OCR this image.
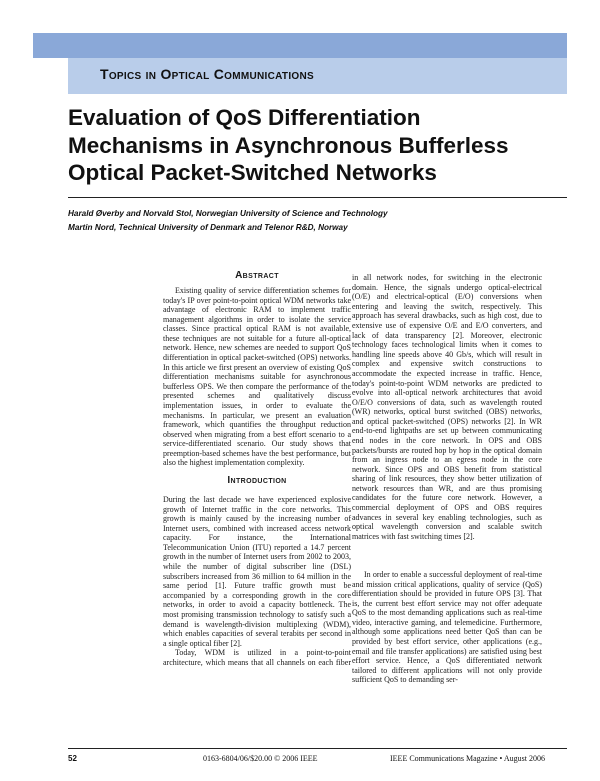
Topics in Optical Communications
Evaluation of QoS Differentiation
Mechanisms in Asynchronous Bufferless
Optical Packet-Switched Networks
Harald Øverby and Norvald Stol, Norwegian University of Science and Technology
Martin Nord, Technical University of Denmark and Telenor R&D, Norway
Abstract

Existing quality of service differentiation schemes for today's IP over point-to-point optical WDM networks take advantage of electronic RAM to implement traffic management algorithms in order to isolate the service classes. Since practical optical RAM is not available, these techniques are not suitable for a future all-optical network. Hence, new schemes are needed to support QoS differentiation in optical packet-switched (OPS) networks. In this article we first present an overview of existing QoS differentiation mechanisms suitable for asynchronous bufferless OPS. We then compare the performance of the presented schemes and qualitatively discuss implementation issues, in order to evaluate the mechanisms. In particular, we present an evaluation framework, which quantifies the throughput reduction observed when migrating from a best effort scenario to a service-differentiated scenario. Our study shows that preemption-based schemes have the best performance, but also the highest implementation complexity.

Introduction

During the last decade we have experienced explosive growth of Internet traffic in the core networks. This growth is mainly caused by the increasing number of Internet users, combined with increased access network capacity. For instance, the International Telecommunication Union (ITU) reported a 14.7 percent growth in the number of Internet users from 2002 to 2003, while the number of digital subscriber line (DSL) subscribers increased from 36 million to 64 million in the same period [1]. Future traffic growth must be accompanied by a corresponding growth in the core networks, in order to avoid a capacity bottleneck. The most promising transmission technology to satisfy such a demand is wavelength-division multiplexing (WDM), which enables capacities of several terabits per second in a single optical fiber [2].

Today, WDM is utilized in a point-to-point architecture, which means that all channels on each fiber

in all network nodes, for switching in the electronic domain. Hence, the signals undergo optical-electrical (O/E) and electrical-optical (E/O) conversions when entering and leaving the switch, respectively. This approach has several drawbacks, such as high cost, due to extensive use of expensive O/E and E/O converters, and lack of data transparency [2]. Moreover, electronic technology faces technological limits when it comes to handling line speeds above 40 Gb/s, which will result in complex and expensive switch constructions to accommodate the expected increase in traffic. Hence, today's point-to-point WDM networks are predicted to evolve into all-optical network architectures that avoid O/E/O conversions of data, such as wavelength routed (WR) networks, optical burst switched (OBS) networks, and optical packet-switched (OPS) networks [2]. In WR end-to-end lightpaths are set up between communicating end nodes in the core network. In OPS and OBS packets/bursts are routed hop by hop in the optical domain from an ingress node to an egress node in the core network. Since OPS and OBS benefit from statistical sharing of link resources, they show better utilization of network resources than WR, and are thus promising candidates for the future core network. However, a commercial deployment of OPS and OBS requires advances in several key enabling technologies, such as optical wavelength conversion and scalable switch matrices with fast switching times [2].

In order to enable a successful deployment of real-time and mission critical applications, quality of service (QoS) differentiation should be provided in future OPS [3]. That is, the current best effort service may not offer adequate QoS to the most demanding applications such as real-time video, interactive gaming, and telemedicine. Furthermore, although some applications need better QoS than can be provided by best effort service, other applications (e.g., email and file transfer applications) are satisfied using best effort service. Hence, a QoS differentiated network tailored to different applications will not only provide sufficient QoS to demanding ser-

52	0163-6804/06/$20.00 © 2006 IEEE	IEEE Communications Magazine • August 2006
